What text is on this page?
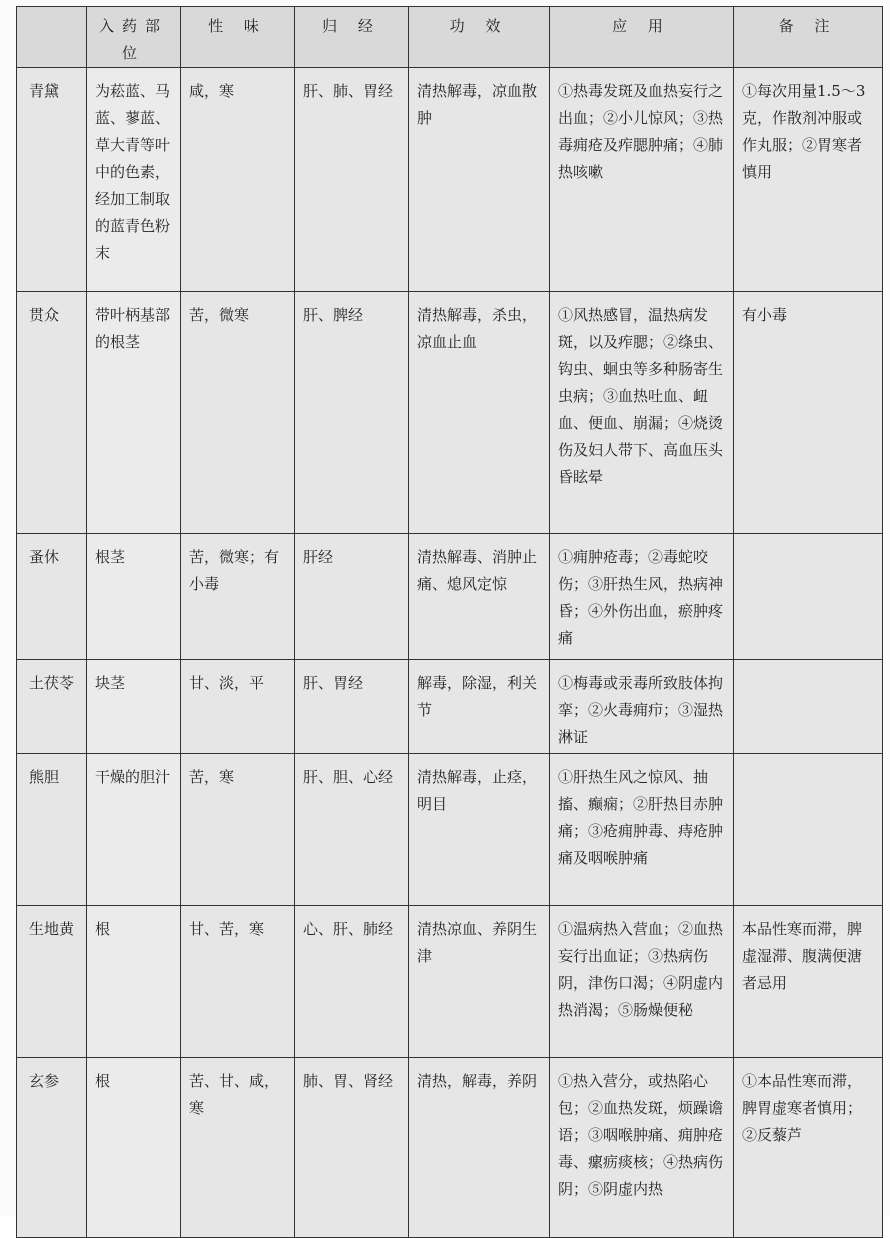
	入药部位	性 味	归 经	功 效	应 用	备 注
青黛	为菘蓝、马蓝、蓼蓝、草大青等叶中的色素，经加工制取的蓝青色粉末	咸，寒	肝、肺、胃经	清热解毒，凉血散肿	①热毒发斑及血热妄行之出血；②小儿惊风；③热毒痈疮及痄腮肿痛；④肺热咳嗽	①每次用量1.5～3克，作散剂冲服或作丸服；②胃寒者慎用
贯众	带叶柄基部的根茎	苦，微寒	肝、脾经	清热解毒，杀虫，凉血止血	①风热感冒，温热病发斑，以及痄腮；②绦虫、钩虫、蛔虫等多种肠寄生虫病；③血热吐血、衄血、便血、崩漏；④烧烫伤及妇人带下、高血压头昏眩晕	有小毒
蚤休	根茎	苦，微寒；有小毒	肝经	清热解毒、消肿止痛、熄风定惊	①痈肿疮毒；②毒蛇咬伤；③肝热生风，热病神昏；④外伤出血，瘀肿疼痛	
土茯苓	块茎	甘、淡，平	肝、胃经	解毒，除湿，利关节	①梅毒或汞毒所致肢体拘挛；②火毒痈疖；③湿热淋证	
熊胆	干燥的胆汁	苦，寒	肝、胆、心经	清热解毒，止痉，明目	①肝热生风之惊风、抽搐、癫痫；②肝热目赤肿痛；③疮痈肿毒、痔疮肿痛及咽喉肿痛	
生地黄	根	甘、苦，寒	心、肝、肺经	清热凉血、养阴生津	①温病热入营血；②血热妄行出血证；③热病伤阴，津伤口渴；④阴虚内热消渴；⑤肠燥便秘	本品性寒而滞，脾虚湿滞、腹满便溏者忌用
玄参	根	苦、甘、咸，寒	肺、胃、肾经	清热，解毒，养阴	①热入营分，或热陷心包；②血热发斑，烦躁谵语；③咽喉肿痛、痈肿疮毒、瘰疬痰核；④热病伤阴；⑤阴虚内热	①本品性寒而滞，脾胃虚寒者慎用；②反藜芦
